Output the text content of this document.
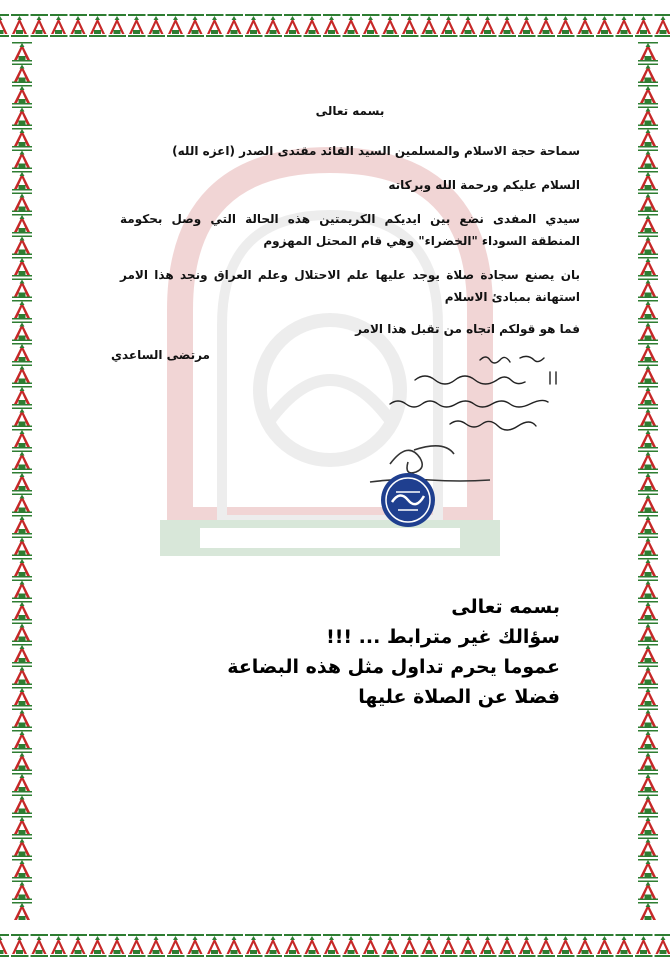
بسمه تعالى
سماحة حجة الاسلام والمسلمين السيد القائد مقتدى الصدر (اعزه الله)
السلام عليكم ورحمة الله وبركاته
سيدي المفدى نضع بين ايديكم الكريمتين هذه الحالة التي وصل بحكومة المنطقة السوداء "الخضراء" وهي قام المحتل المهزوم
بان يصنع سجادة صلاة يوجد عليها علم الاحتلال وعلم العراق ونجد هذا الامر استهانة بمبادئ الاسلام
فما هو قولكم اتجاه من تقبل هذا الامر
مرتضى الساعدي
بسمه تعالى
سؤالك غير مترابط ... !!!
عموما يحرم تداول مثل هذه البضاعة
فضلا عن الصلاة عليها
